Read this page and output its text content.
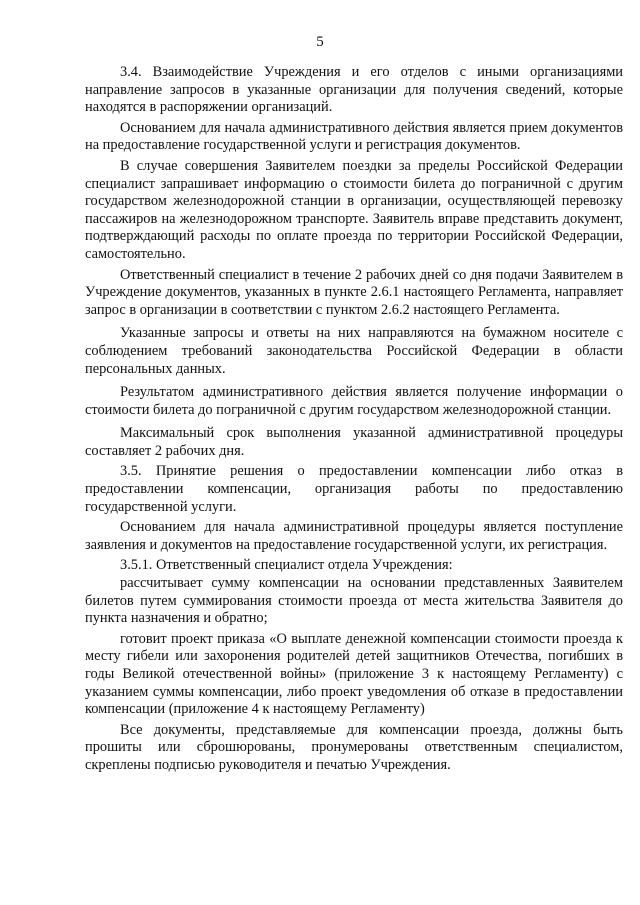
5

3.4. Взаимодействие Учреждения и его отделов с иными организациями направление запросов в указанные организации для получения сведений, которые находятся в распоряжении организаций.

Основанием для начала административного действия является прием документов на предоставление государственной услуги и регистрация документов.

В случае совершения Заявителем поездки за пределы Российской Федерации специалист запрашивает информацию о стоимости билета до пограничной с другим государством железнодорожной станции в организации, осуществляющей перевозку пассажиров на железнодорожном транспорте. Заявитель вправе представить документ, подтверждающий расходы по оплате проезда по территории Российской Федерации, самостоятельно.

Ответственный специалист в течение 2 рабочих дней со дня подачи Заявителем в Учреждение документов, указанных в пункте 2.6.1 настоящего Регламента, направляет запрос в организации в соответствии с пунктом 2.6.2 настоящего Регламента.

Указанные запросы и ответы на них направляются на бумажном носителе с соблюдением требований законодательства Российской Федерации в области персональных данных.

Результатом административного действия является получение информации о стоимости билета до пограничной с другим государством железнодорожной станции.

Максимальный срок выполнения указанной административной процедуры составляет 2 рабочих дня.

3.5. Принятие решения о предоставлении компенсации либо отказ в предоставлении компенсации, организация работы по предоставлению государственной услуги.

Основанием для начала административной процедуры является поступление заявления и документов на предоставление государственной услуги, их регистрация.

3.5.1. Ответственный специалист отдела Учреждения:

рассчитывает сумму компенсации на основании представленных Заявителем билетов путем суммирования стоимости проезда от места жительства Заявителя до пункта назначения и обратно;

готовит проект приказа «О выплате денежной компенсации стоимости проезда к месту гибели или захоронения родителей детей защитников Отечества, погибших в годы Великой отечественной войны» (приложение 3 к настоящему Регламенту) с указанием суммы компенсации, либо проект уведомления об отказе в предоставлении компенсации (приложение 4 к настоящему Регламенту)

Все документы, представляемые для компенсации проезда, должны быть прошиты или сброшюрованы, пронумерованы ответственным специалистом, скреплены подписью руководителя и печатью Учреждения.
